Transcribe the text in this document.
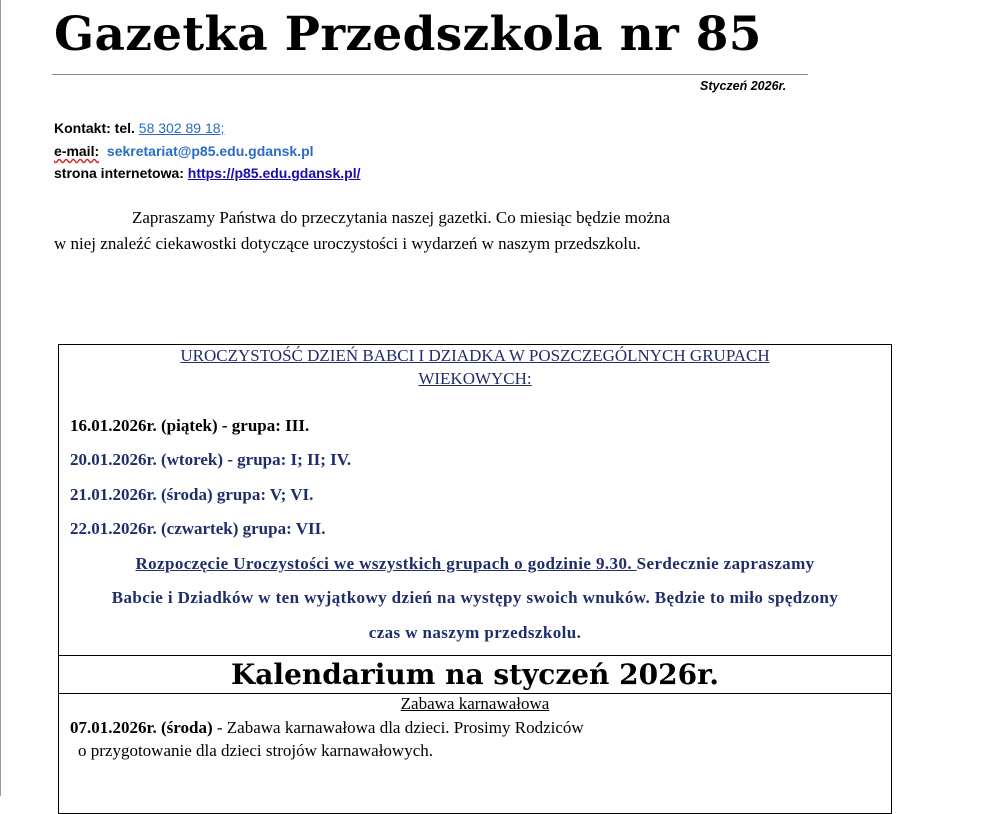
Gazetka Przedszkola nr 85
Styczeń 2026r.
Kontakt: tel. 58 302 89 18;
e-mail: sekretariat@p85.edu.gdansk.pl
strona internetowa: https://p85.edu.gdansk.pl/
Zapraszamy Państwa do przeczytania naszej gazetki. Co miesiąc będzie można
w niej znaleźć ciekawostki dotyczące uroczystości i wydarzeń w naszym przedszkolu.
UROCZYSTOŚĆ DZIEŃ BABCI I DZIADKA W POSZCZEGÓLNYCH GRUPACH
WIEKOWYCH:
16.01.2026r. (piątek) - grupa: III.
20.01.2026r. (wtorek) - grupa: I; II; IV.
21.01.2026r. (środa) grupa: V; VI.
22.01.2026r. (czwartek) grupa: VII.
Rozpoczęcie Uroczystości we wszystkich grupach o godzinie 9.30. Serdecznie zapraszamy
Babcie i Dziadków w ten wyjątkowy dzień na występy swoich wnuków. Będzie to miło spędzony
czas w naszym przedszkolu.
Kalendarium na styczeń 2026r.
Zabawa karnawałowa
07.01.2026r. (środa) - Zabawa karnawałowa dla dzieci. Prosimy Rodziców
o przygotowanie dla dzieci strojów karnawałowych.
